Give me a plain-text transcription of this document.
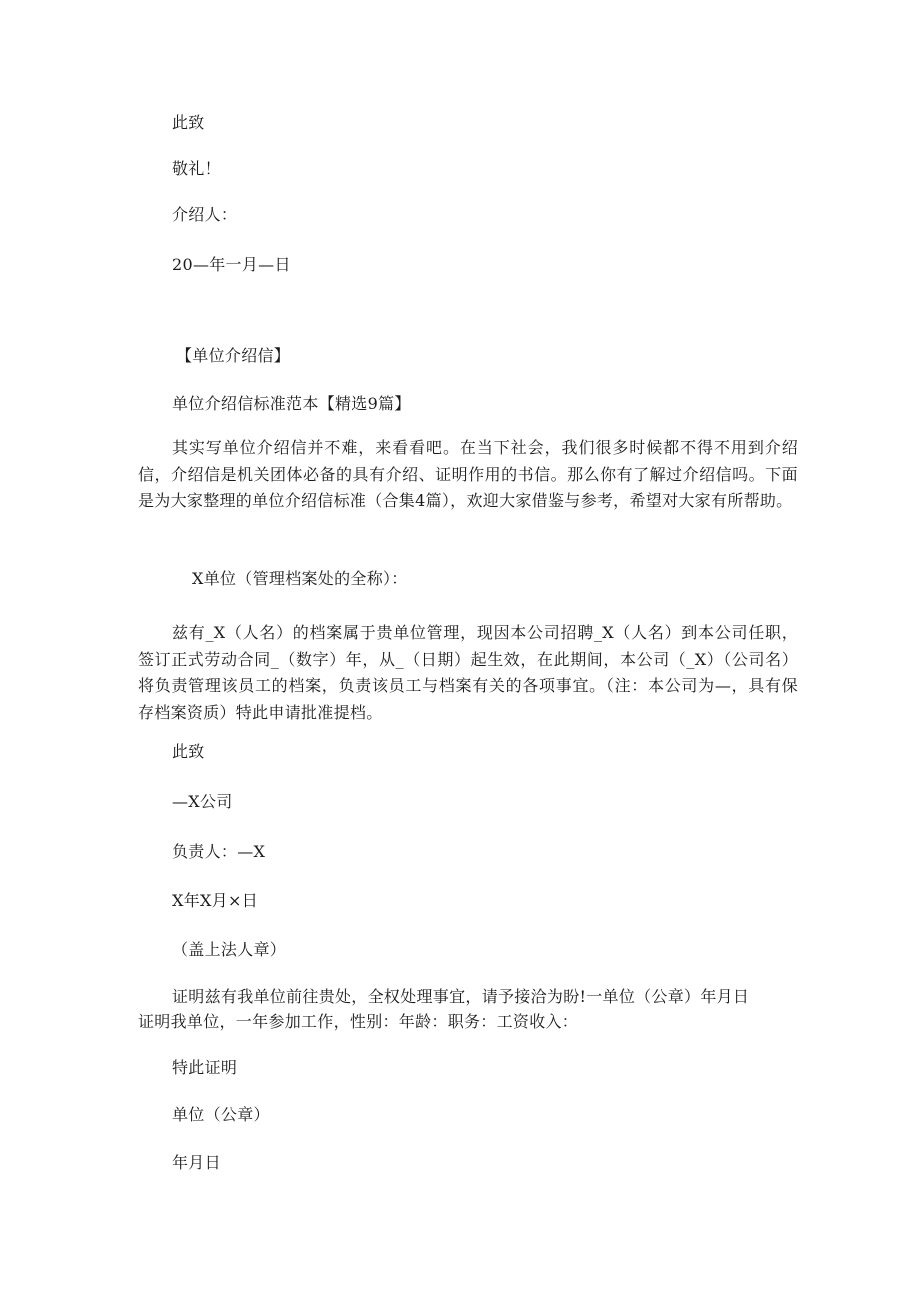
此致
敬礼！
介绍人：
20—年一月—日
【单位介绍信】
单位介绍信标准范本【精选9篇】
其实写单位介绍信并不难，来看看吧。在当下社会，我们很多时候都不得不用到介绍信，介绍信是机关团体必备的具有介绍、证明作用的书信。那么你有了解过介绍信吗。下面是为大家整理的单位介绍信标准（合集4篇），欢迎大家借鉴与参考，希望对大家有所帮助。
X单位（管理档案处的全称）：
兹有_X（人名）的档案属于贵单位管理，现因本公司招聘_X（人名）到本公司任职，签订正式劳动合同_（数字）年，从_（日期）起生效，在此期间，本公司（_X）（公司名）将负责管理该员工的档案，负责该员工与档案有关的各项事宜。（注：本公司为—，具有保存档案资质）特此申请批准提档。
此致
—X公司
负责人：—X
X年X月×日
（盖上法人章）
证明兹有我单位前往贵处，全权处理事宜，请予接洽为盼!一单位（公章）年月日
证明我单位，一年参加工作，性别：年龄：职务：工资收入：
特此证明
单位（公章）
年月日
